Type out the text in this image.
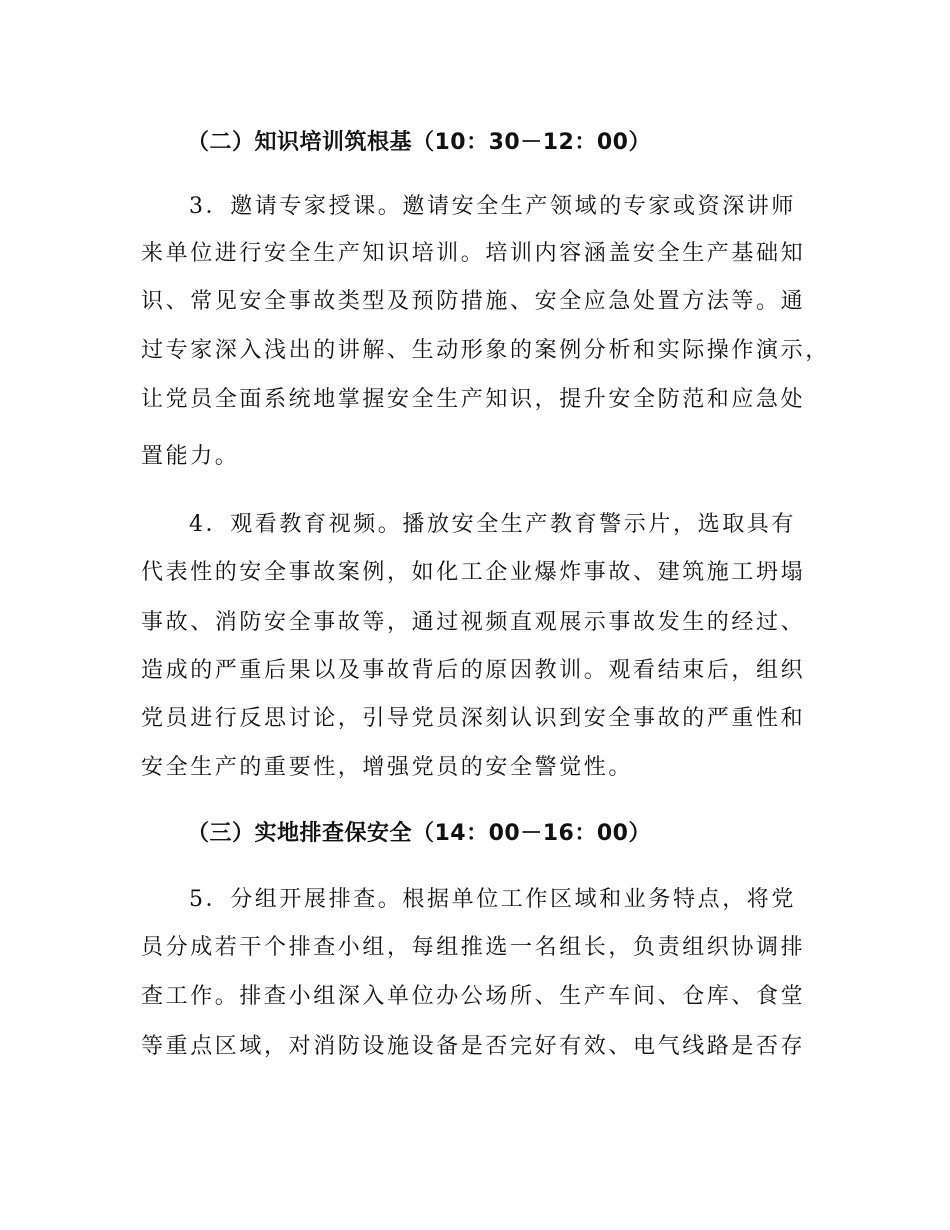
（二）知识培训筑根基（10：30－12：00）
3．邀请专家授课。邀请安全生产领域的专家或资深讲师
来单位进行安全生产知识培训。培训内容涵盖安全生产基础知
识、常见安全事故类型及预防措施、安全应急处置方法等。通
过专家深入浅出的讲解、生动形象的案例分析和实际操作演示，
让党员全面系统地掌握安全生产知识，提升安全防范和应急处
置能力。
4．观看教育视频。播放安全生产教育警示片，选取具有
代表性的安全事故案例，如化工企业爆炸事故、建筑施工坍塌
事故、消防安全事故等，通过视频直观展示事故发生的经过、
造成的严重后果以及事故背后的原因教训。观看结束后，组织
党员进行反思讨论，引导党员深刻认识到安全事故的严重性和
安全生产的重要性，增强党员的安全警觉性。
（三）实地排查保安全（14：00－16：00）
5．分组开展排查。根据单位工作区域和业务特点，将党
员分成若干个排查小组，每组推选一名组长，负责组织协调排
查工作。排查小组深入单位办公场所、生产车间、仓库、食堂
等重点区域，对消防设施设备是否完好有效、电气线路是否存
